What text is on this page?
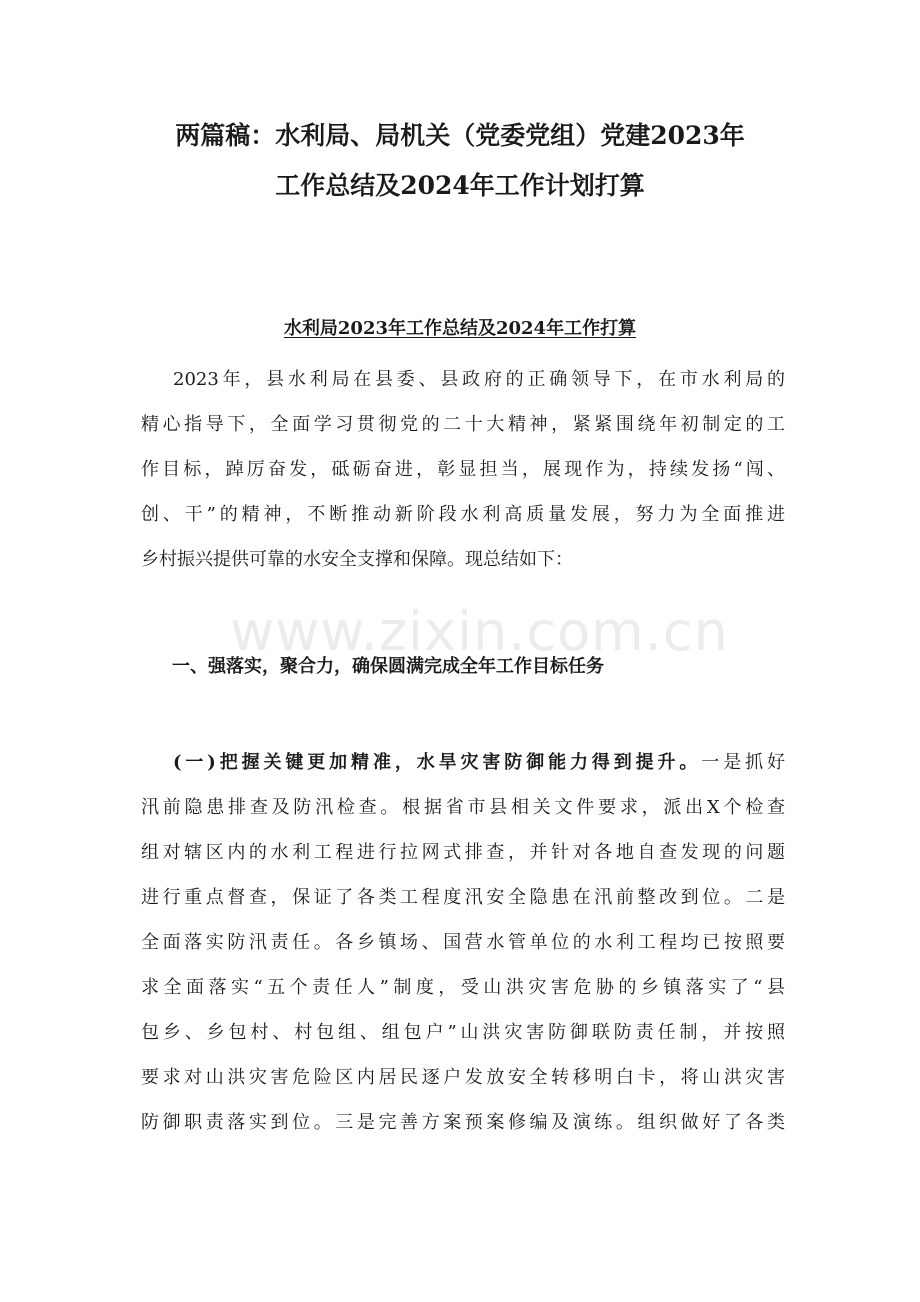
两篇稿：水利局、局机关（党委党组）党建2023年
工作总结及2024年工作计划打算
水利局2023年工作总结及2024年工作打算
2023年，县水利局在县委、县政府的正确领导下，在市水利局的
精心指导下，全面学习贯彻党的二十大精神，紧紧围绕年初制定的工
作目标，踔厉奋发，砥砺奋进，彰显担当，展现作为，持续发扬“闯、
创、干”的精神，不断推动新阶段水利高质量发展，努力为全面推进
乡村振兴提供可靠的水安全支撑和保障。现总结如下：
www.zixin.com.cn
一、强落实，聚合力，确保圆满完成全年工作目标任务
(一)把握关键更加精准，水旱灾害防御能力得到提升。一是抓好
汛前隐患排查及防汛检查。根据省市县相关文件要求，派出X个检查
组对辖区内的水利工程进行拉网式排查，并针对各地自查发现的问题
进行重点督查，保证了各类工程度汛安全隐患在汛前整改到位。二是
全面落实防汛责任。各乡镇场、国营水管单位的水利工程均已按照要
求全面落实“五个责任人”制度，受山洪灾害危胁的乡镇落实了“县
包乡、乡包村、村包组、组包户”山洪灾害防御联防责任制，并按照
要求对山洪灾害危险区内居民逐户发放安全转移明白卡，将山洪灾害
防御职责落实到位。三是完善方案预案修编及演练。组织做好了各类
